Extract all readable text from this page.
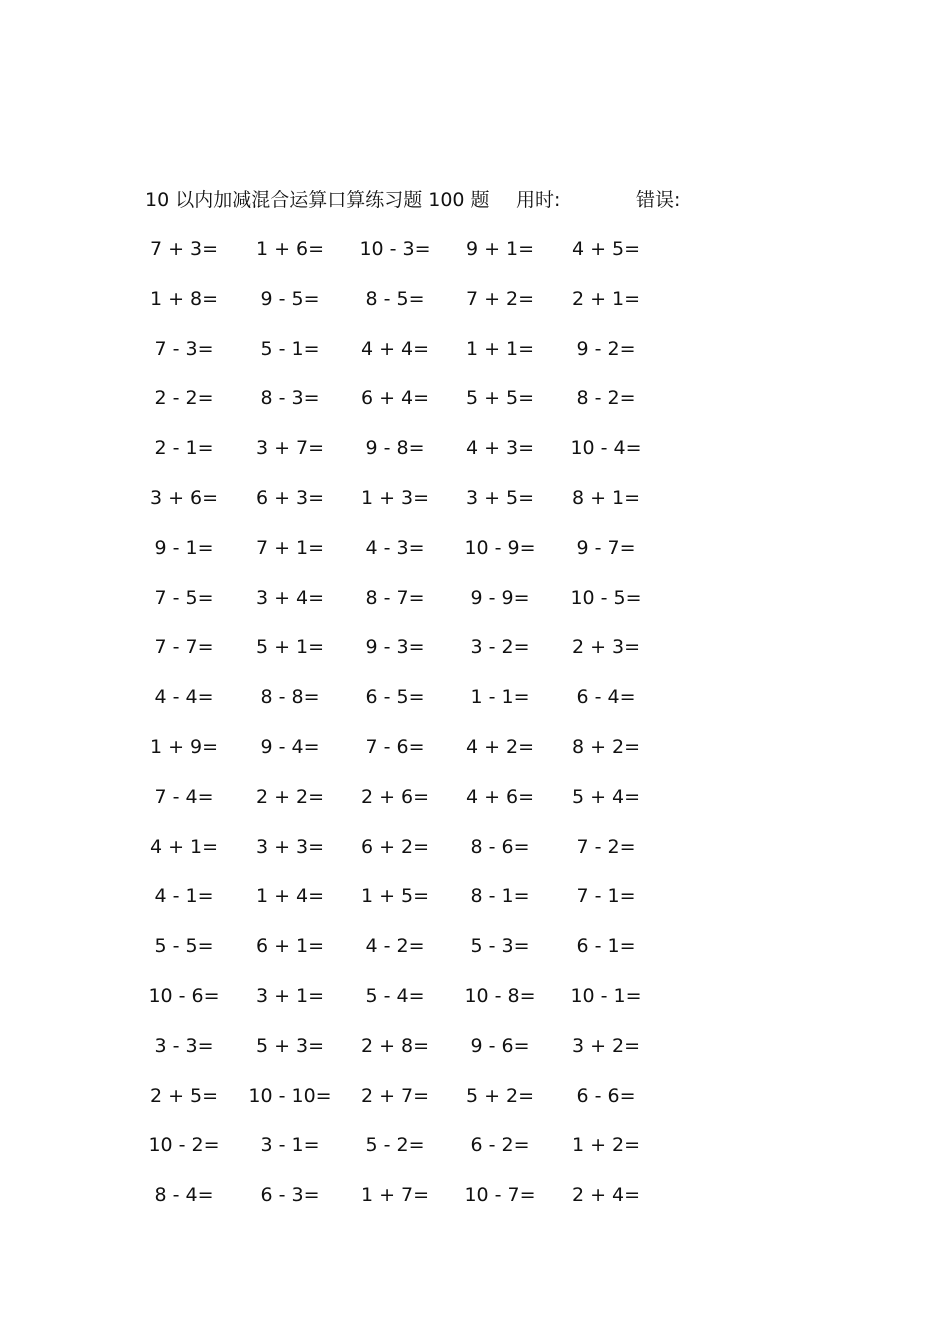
10 以内加减混合运算口算练习题 100 题 用时:	错误:
7 + 3=	1 + 6=	10 - 3=	9 + 1=	4 + 5=
1 + 8=	9 - 5=	8 - 5=	7 + 2=	2 + 1=
7 - 3=	5 - 1=	4 + 4=	1 + 1=	9 - 2=
2 - 2=	8 - 3=	6 + 4=	5 + 5=	8 - 2=
2 - 1=	3 + 7=	9 - 8=	4 + 3=	10 - 4=
3 + 6=	6 + 3=	1 + 3=	3 + 5=	8 + 1=
9 - 1=	7 + 1=	4 - 3=	10 - 9=	9 - 7=
7 - 5=	3 + 4=	8 - 7=	9 - 9=	10 - 5=
7 - 7=	5 + 1=	9 - 3=	3 - 2=	2 + 3=
4 - 4=	8 - 8=	6 - 5=	1 - 1=	6 - 4=
1 + 9=	9 - 4=	7 - 6=	4 + 2=	8 + 2=
7 - 4=	2 + 2=	2 + 6=	4 + 6=	5 + 4=
4 + 1=	3 + 3=	6 + 2=	8 - 6=	7 - 2=
4 - 1=	1 + 4=	1 + 5=	8 - 1=	7 - 1=
5 - 5=	6 + 1=	4 - 2=	5 - 3=	6 - 1=
10 - 6=	3 + 1=	5 - 4=	10 - 8=	10 - 1=
3 - 3=	5 + 3=	2 + 8=	9 - 6=	3 + 2=
2 + 5=	10 - 10=	2 + 7=	5 + 2=	6 - 6=
10 - 2=	3 - 1=	5 - 2=	6 - 2=	1 + 2=
8 - 4=	6 - 3=	1 + 7=	10 - 7=	2 + 4=
